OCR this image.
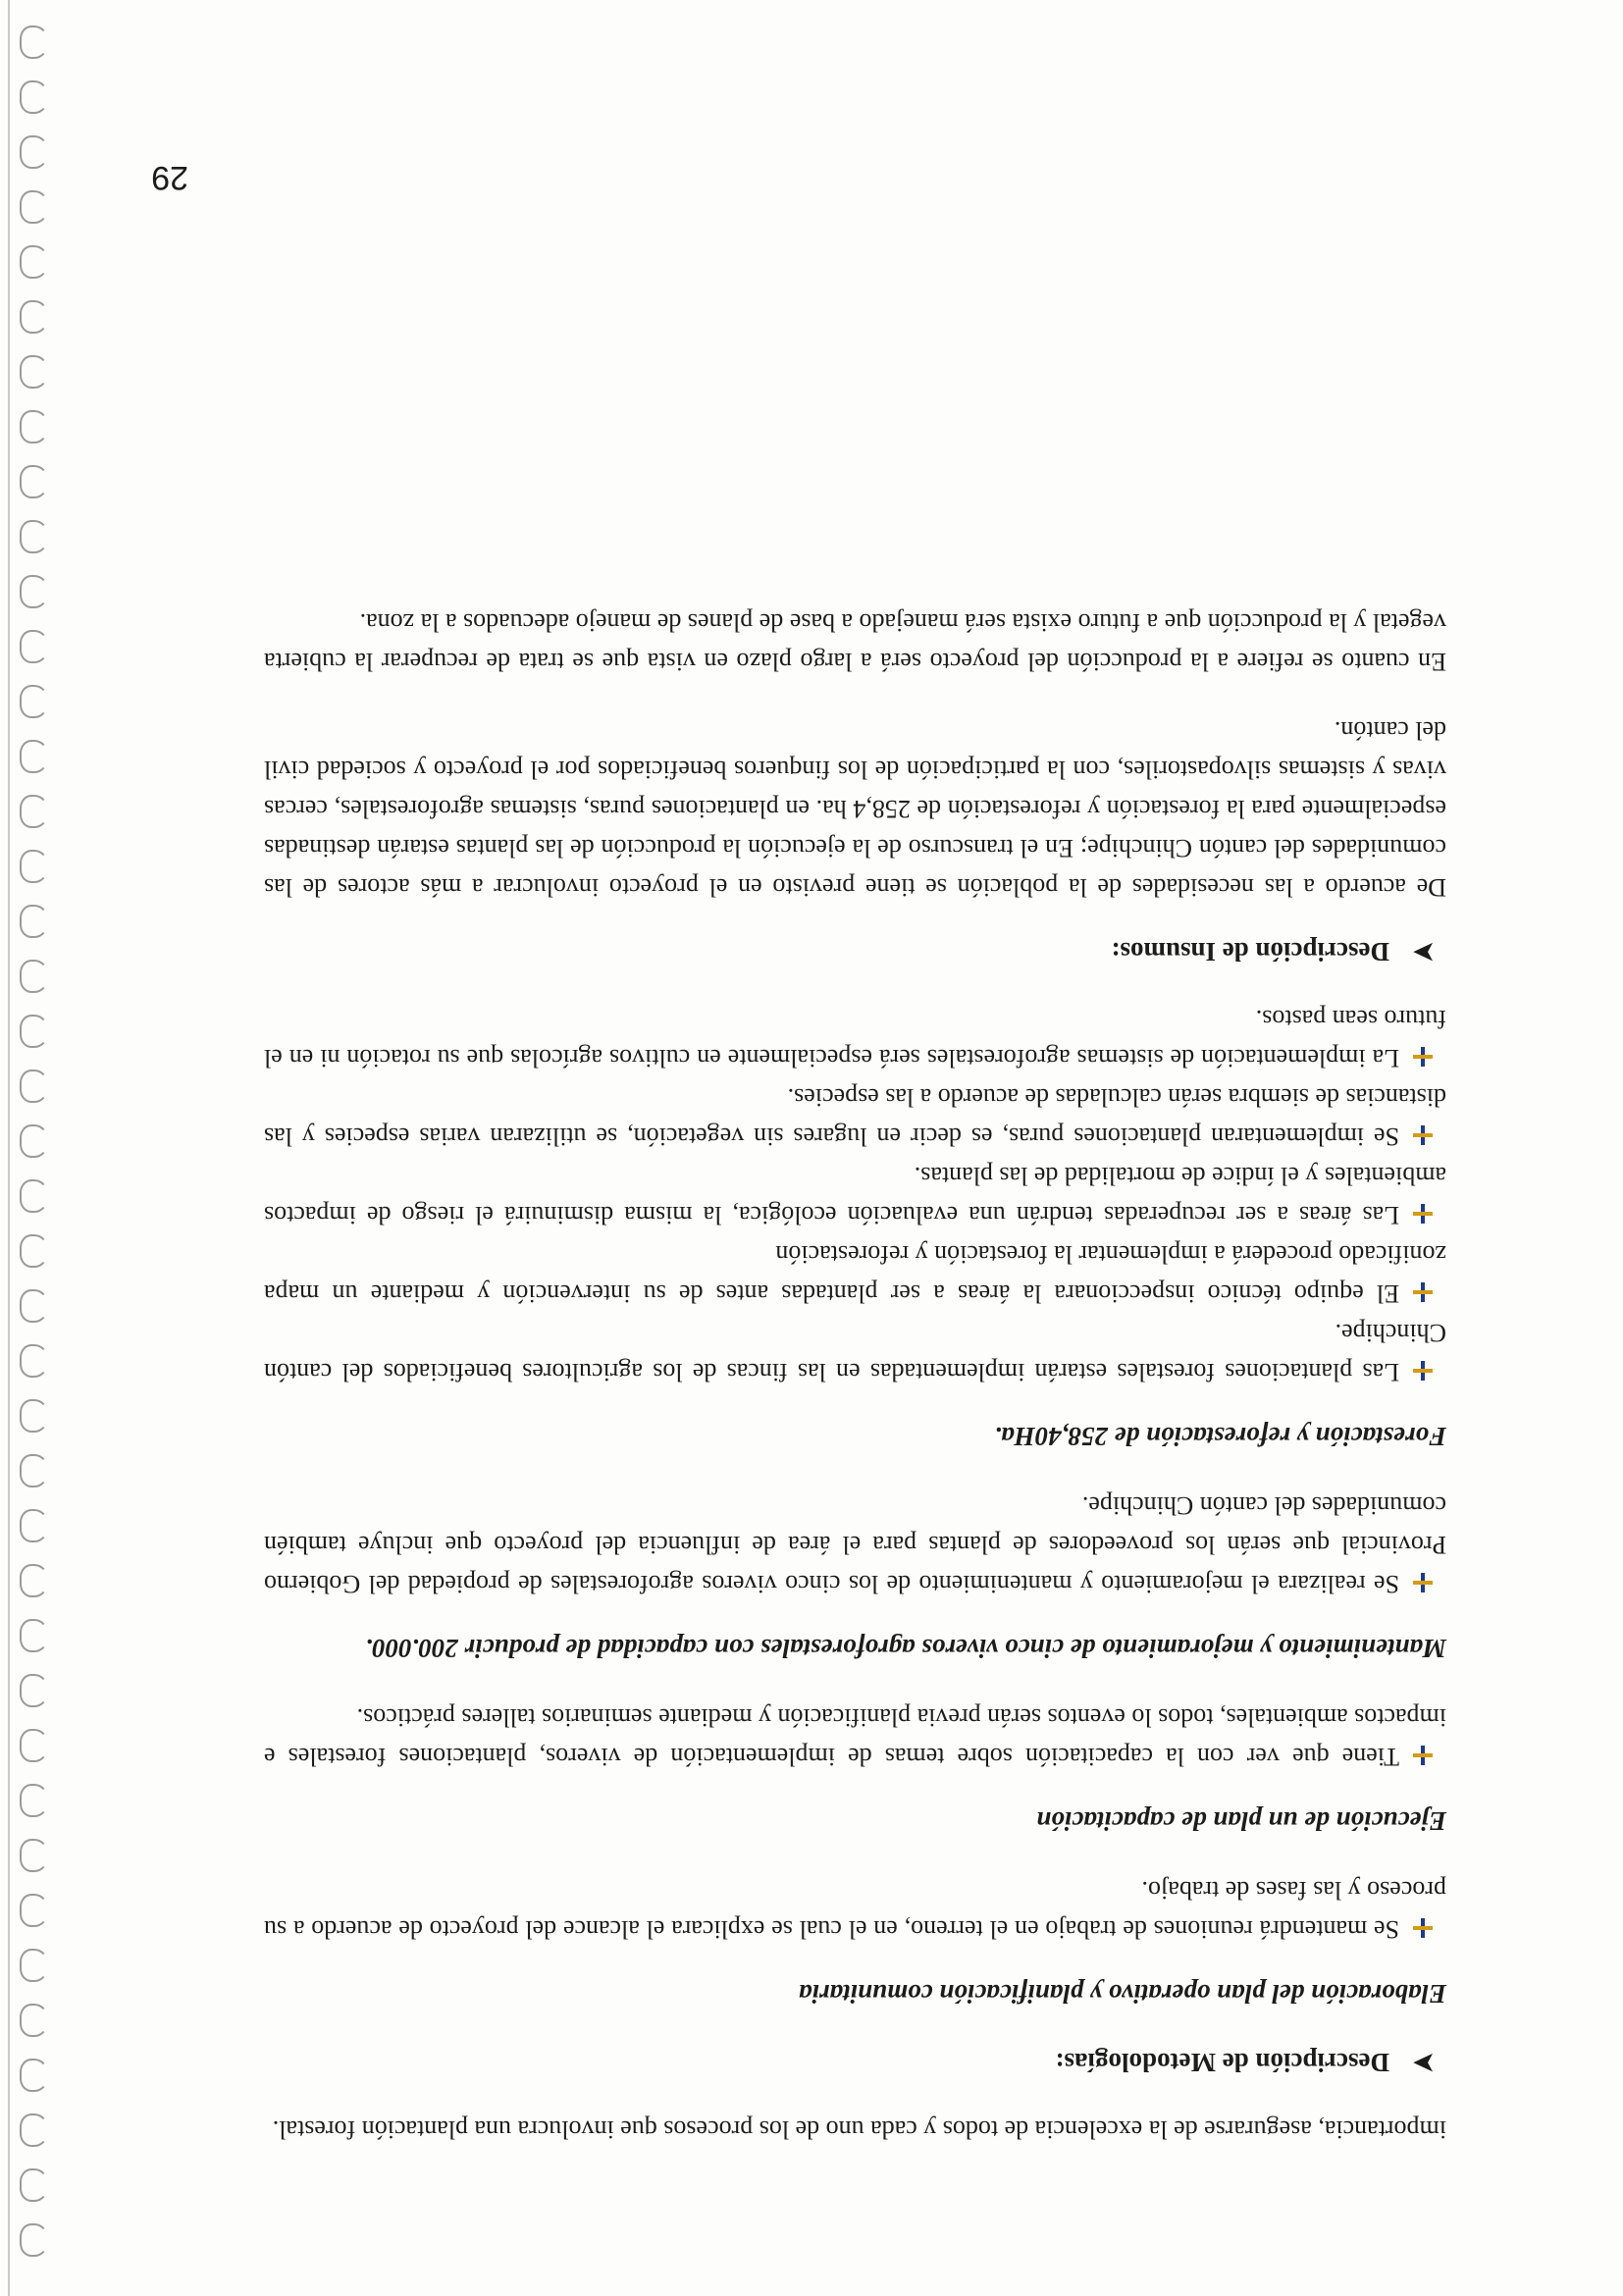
importancia, asegurarse de la excelencia de todos y cada uno de los procesos que involucra una plantación forestal.

➤
Descripción de Metodologías:
Elaboración del plan operativo y planificación comunitaria

Se mantendrá reuniones de trabajo en el terreno, en el cual se explicara el alcance del proyecto de acuerdo a su proceso y las fases de trabajo.

Ejecución de un plan de capacitación

Tiene que ver con la capacitación sobre temas de implementación de viveros, plantaciones forestales e impactos ambientales, todos lo eventos serán previa planificación y mediante seminarios talleres prácticos.

Mantenimiento y mejoramiento de cinco viveros agroforestales con capacidad de producir 200.000.

Se realizara el mejoramiento y mantenimiento de los cinco viveros agroforestales de propiedad del Gobierno Provincial que serán los proveedores de plantas para el área de influencia del proyecto que incluye también comunidades del cantón Chinchipe.

Forestación y reforestación de 258,40Ha.

Las plantaciones forestales estarán implementadas en las fincas de los agricultores beneficiados del cantón Chinchipe.

El equipo técnico inspeccionara la áreas a ser plantadas antes de su intervención y mediante un mapa zonificado procederá a implementar la forestación y reforestación

Las áreas a ser recuperadas tendrán una evaluación ecológica, la misma disminuirá el riesgo de impactos ambientales y el índice de mortalidad de las plantas.

Se implementaran plantaciones puras, es decir en lugares sin vegetación, se utilizaran varias especies y las distancias de siembra serán calculadas de acuerdo a las especies.

La implementación de sistemas agroforestales será especialmente en cultivos agrícolas que su rotación ni en el futuro sean pastos.

➤
Descripción de Insumos:

De acuerdo a las necesidades de la población se tiene previsto en el proyecto involucrar a más actores de las comunidades del cantón Chinchipe; En el transcurso de la ejecución la producción de las plantas estarán destinadas especialmente para la forestación y reforestación de 258,4 ha. en plantaciones puras, sistemas agroforestales, cercas vivas y sistemas silvopastoriles, con la participación de los finqueros beneficiados por el proyecto y sociedad civil del cantón.

En cuanto se refiere a la producción del proyecto será a largo plazo en vista que se trata de recuperar la cubierta vegetal y la producción que a futuro exista será manejado a base de planes de manejo adecuados a la zona.

29
